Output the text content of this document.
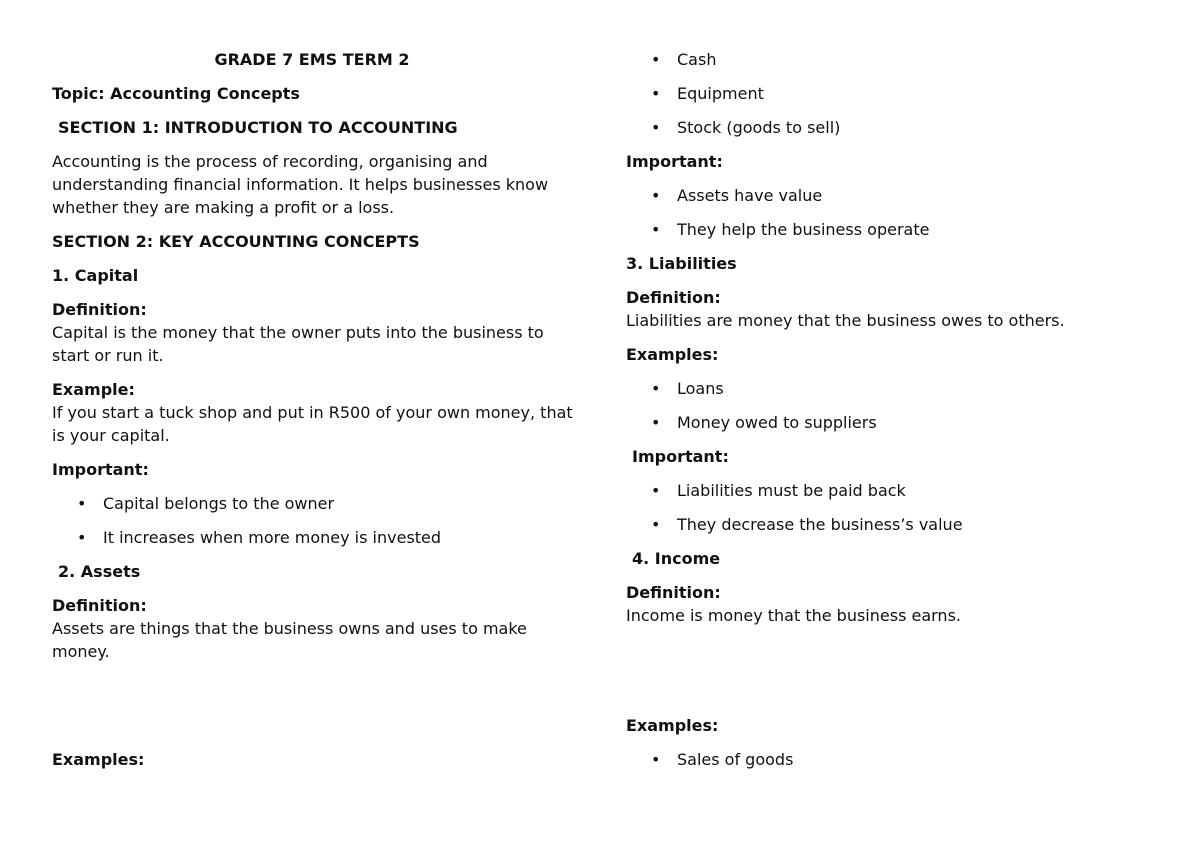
GRADE 7 EMS TERM 2
Topic: Accounting Concepts
SECTION 1: INTRODUCTION TO ACCOUNTING
Accounting is the process of recording, organising and understanding financial information. It helps businesses know whether they are making a profit or a loss.
SECTION 2: KEY ACCOUNTING CONCEPTS
1. Capital
Definition:
Capital is the money that the owner puts into the business to start or run it.
Example:
If you start a tuck shop and put in R500 of your own money, that is your capital.
Important:
• Capital belongs to the owner
• It increases when more money is invested
2. Assets
Definition:
Assets are things that the business owns and uses to make money.
Examples:
• Cash
• Equipment
• Stock (goods to sell)
Important:
• Assets have value
• They help the business operate
3. Liabilities
Definition:
Liabilities are money that the business owes to others.
Examples:
• Loans
• Money owed to suppliers
Important:
• Liabilities must be paid back
• They decrease the business’s value
4. Income
Definition:
Income is money that the business earns.
Examples:
• Sales of goods
